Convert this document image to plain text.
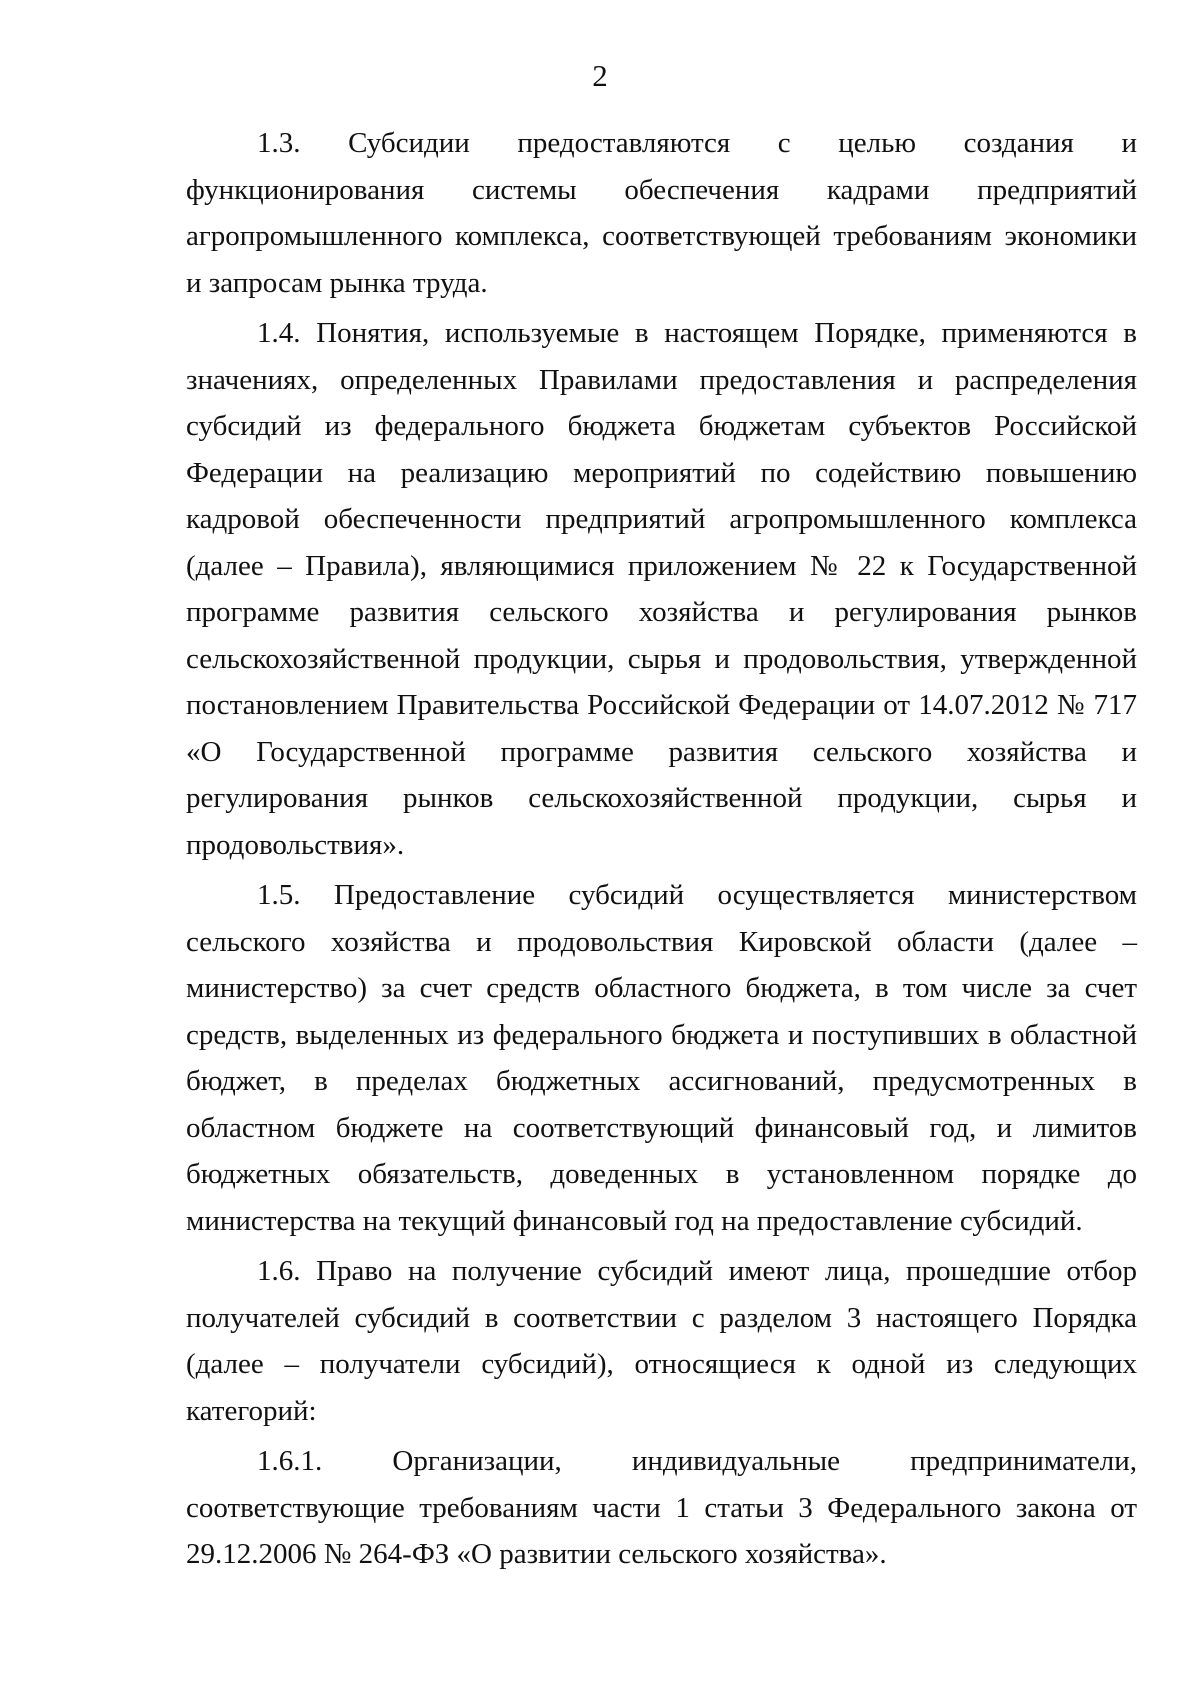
2

1.3. Субсидии предоставляются с целью создания и функционирования системы обеспечения кадрами предприятий агропромышленного комплекса, соответствующей требованиям экономики и запросам рынка труда.

1.4. Понятия, используемые в настоящем Порядке, применяются в значениях, определенных Правилами предоставления и распределения субсидий из федерального бюджета бюджетам субъектов Российской Федерации на реализацию мероприятий по содействию повышению кадровой обеспеченности предприятий агропромышленного комплекса (далее – Правила), являющимися приложением № 22 к Государственной программе развития сельского хозяйства и регулирования рынков сельскохозяйственной продукции, сырья и продовольствия, утвержденной постановлением Правительства Российской Федерации от 14.07.2012 № 717 «О Государственной программе развития сельского хозяйства и регулирования рынков сельскохозяйственной продукции, сырья и продовольствия».

1.5. Предоставление субсидий осуществляется министерством сельского хозяйства и продовольствия Кировской области (далее – министерство) за счет средств областного бюджета, в том числе за счет средств, выделенных из федерального бюджета и поступивших в областной бюджет, в пределах бюджетных ассигнований, предусмотренных в областном бюджете на соответствующий финансовый год, и лимитов бюджетных обязательств, доведенных в установленном порядке до министерства на текущий финансовый год на предоставление субсидий.

1.6. Право на получение субсидий имеют лица, прошедшие отбор получателей субсидий в соответствии с разделом 3 настоящего Порядка (далее – получатели субсидий), относящиеся к одной из следующих категорий:

1.6.1. Организации, индивидуальные предприниматели, соответствующие требованиям части 1 статьи 3 Федерального закона от 29.12.2006 № 264-ФЗ «О развитии сельского хозяйства».
